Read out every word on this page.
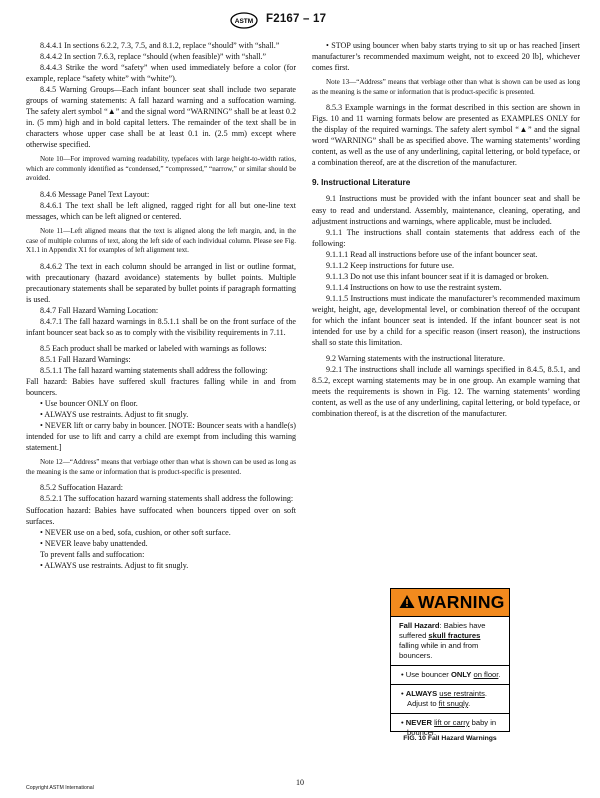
ASTM F2167 – 17
8.4.4.1 In sections 6.2.2, 7.3, 7.5, and 8.1.2, replace “should” with “shall.”
8.4.4.2 In section 7.6.3, replace “should (when feasible)” with “shall.”
8.4.4.3 Strike the word “safety” when used immediately before a color (for example, replace “safety white” with “white”).
8.4.5 Warning Groups—Each infant bouncer seat shall include two separate groups of warning statements: A fall hazard warning and a suffocation warning. The safety alert symbol “▲” and the signal word “WARNING” shall be at least 0.2 in. (5 mm) high and in bold capital letters. The remainder of the text shall be in characters whose upper case shall be at least 0.1 in. (2.5 mm) except where otherwise specified.
Note 10—For improved warning readability, typefaces with large height-to-width ratios, which are commonly identified as “condensed,” “compressed,” “narrow,” or similar should be avoided.
8.4.6 Message Panel Text Layout:
8.4.6.1 The text shall be left aligned, ragged right for all but one-line text messages, which can be left aligned or centered.
Note 11—Left aligned means that the text is aligned along the left margin, and, in the case of multiple columns of text, along the left side of each individual column. Please see Fig. X1.1 in Appendix X1 for examples of left alignment text.
8.4.6.2 The text in each column should be arranged in list or outline format, with precautionary (hazard avoidance) statements by bullet points. Multiple precautionary statements shall be separated by bullet points if paragraph formatting is used.
8.4.7 Fall Hazard Warning Location:
8.4.7.1 The fall hazard warnings in 8.5.1.1 shall be on the front surface of the infant bouncer seat back so as to comply with the visibility requirements in 7.11.
8.5 Each product shall be marked or labeled with warnings as follows:
8.5.1 Fall Hazard Warnings:
8.5.1.1 The fall hazard warning statements shall address the following:
Fall hazard: Babies have suffered skull fractures falling while in and from bouncers.
• Use bouncer ONLY on floor.
• ALWAYS use restraints. Adjust to fit snugly.
• NEVER lift or carry baby in bouncer. [NOTE: Bouncer seats with a handle(s) intended for use to lift and carry a child are exempt from including this warning statement.]
Note 12—“Address” means that verbiage other than what is shown can be used as long as the meaning is the same or information that is product-specific is presented.
8.5.2 Suffocation Hazard:
8.5.2.1 The suffocation hazard warning statements shall address the following:
Suffocation hazard: Babies have suffocated when bouncers tipped over on soft surfaces.
• NEVER use on a bed, sofa, cushion, or other soft surface.
• NEVER leave baby unattended.
To prevent falls and suffocation:
• ALWAYS use restraints. Adjust to fit snugly.
• STOP using bouncer when baby starts trying to sit up or has reached [insert manufacturer’s recommended maximum weight, not to exceed 20 lb], whichever comes first.
Note 13—“Address” means that verbiage other than what is shown can be used as long as the meaning is the same or information that is product-specific is presented.
8.5.3 Example warnings in the format described in this section are shown in Figs. 10 and 11 warning formats below are presented as EXAMPLES ONLY for the display of the required warnings. The safety alert symbol “▲” and the signal word “WARNING” shall be as specified above. The warning statements’ wording content, as well as the use of any underlining, capital lettering, or bold typeface, or a combination thereof, are at the discretion of the manufacturer.
9. Instructional Literature
9.1 Instructions must be provided with the infant bouncer seat and shall be easy to read and understand. Assembly, maintenance, cleaning, operating, and adjustment instructions and warnings, where applicable, must be included.
9.1.1 The instructions shall contain statements that address each of the following:
9.1.1.1 Read all instructions before use of the infant bouncer seat.
9.1.1.2 Keep instructions for future use.
9.1.1.3 Do not use this infant bouncer seat if it is damaged or broken.
9.1.1.4 Instructions on how to use the restraint system.
9.1.1.5 Instructions must indicate the manufacturer’s recommended maximum weight, height, age, developmental level, or combination thereof of the occupant for which the infant bouncer seat is intended. If the infant bouncer seat is not intended for use by a child for a specific reason (insert reason), the instructions shall so state this limitation.
9.2 Warning statements with the instructional literature.
9.2.1 The instructions shall include all warnings specified in 8.4.5, 8.5.1, and 8.5.2, except warning statements may be in one group. An example warning that meets the requirements is shown in Fig. 12. The warning statements’ wording content, as well as the use of any underlining, capital lettering, or bold typeface, or combination thereof, is at the discretion of the manufacturer.
WARNING
Fall Hazard: Babies have suffered skull fractures falling while in and from bouncers.
• Use bouncer ONLY on floor.
• ALWAYS use restraints. Adjust to fit snugly.
• NEVER lift or carry baby in bouncer.
FIG. 10 Fall Hazard Warnings
Copyright ASTM International
10
